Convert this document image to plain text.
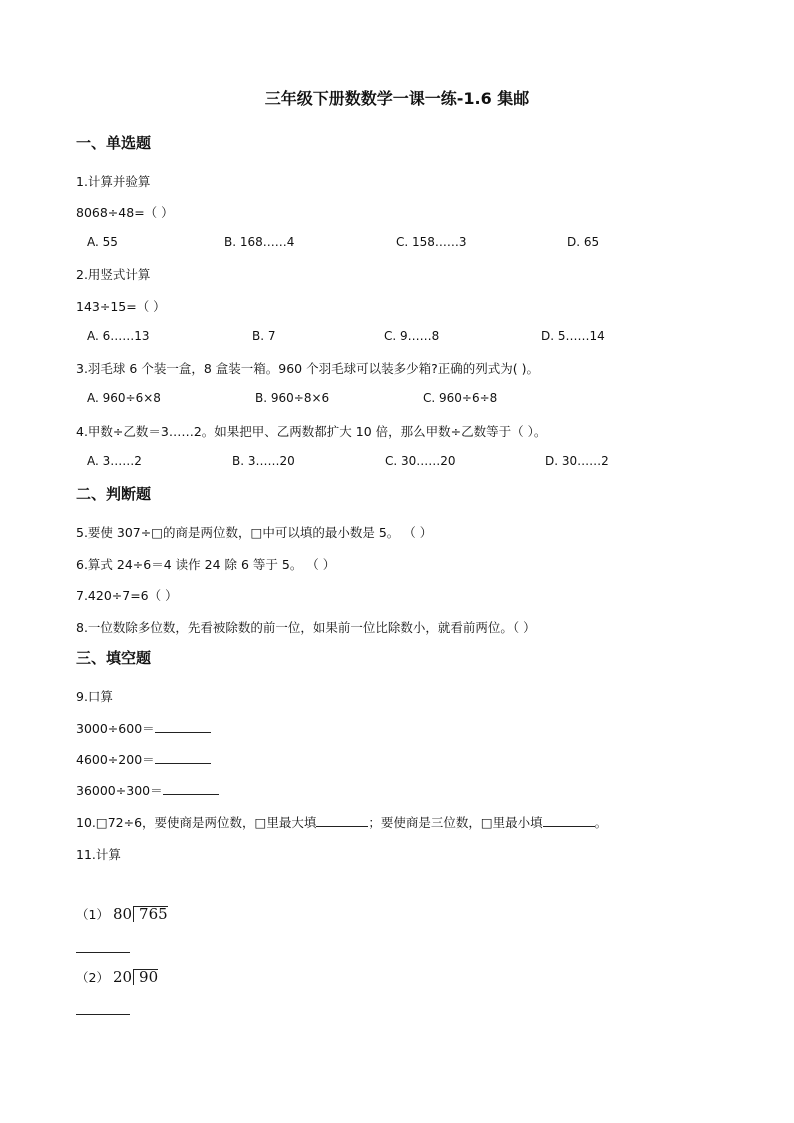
三年级下册数数学一课一练-1.6 集邮
一、单选题
1.计算并验算
8068÷48=（ ）
A. 55	B. 168……4	C. 158……3	D. 65
2.用竖式计算
143÷15=（ ）
A. 6……13	B. 7	C. 9……8	D. 5……14
3.羽毛球 6 个装一盒，8 盒装一箱。960 个羽毛球可以装多少箱?正确的列式为( )。
A. 960÷6×8	B. 960÷8×6	C. 960÷6÷8
4.甲数÷乙数＝3……2。如果把甲、乙两数都扩大 10 倍，那么甲数÷乙数等于（ ）。
A. 3……2	B. 3……20	C. 30……20	D. 30……2
二、判断题
5.要使 307÷□的商是两位数，□中可以填的最小数是 5。 （ ）
6.算式 24÷6＝4 读作 24 除 6 等于 5。 （ ）
7.420÷7=6（ ）
8.一位数除多位数，先看被除数的前一位，如果前一位比除数小，就看前两位。（ ）
三、填空题
9.口算
3000÷600＝
4600÷200＝
36000÷300＝
10.□72÷6，要使商是两位数，□里最大填	；要使商是三位数，□里最小填	。
11.计算
（1） 80 765
（2） 20 90
